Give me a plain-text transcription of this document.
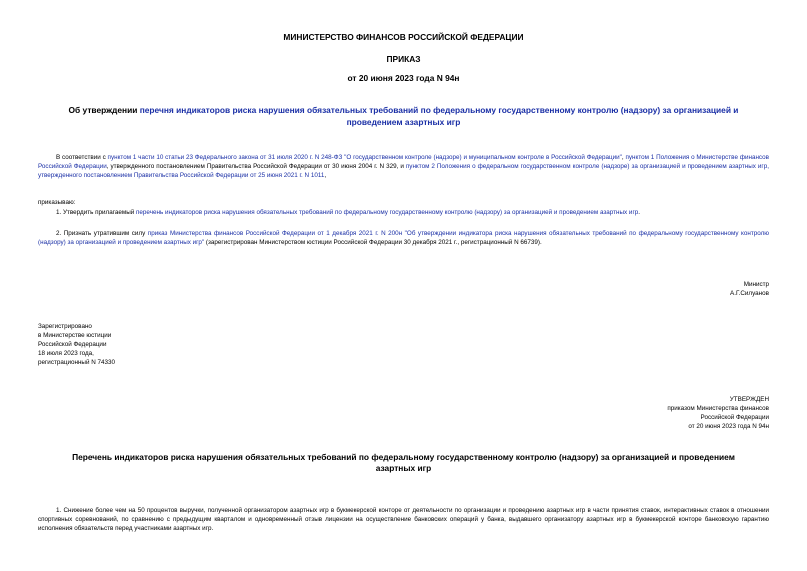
МИНИСТЕРСТВО ФИНАНСОВ РОССИЙСКОЙ ФЕДЕРАЦИИ
ПРИКАЗ
от 20 июня 2023 года N 94н
Об утверждении перечня индикаторов риска нарушения обязательных требований по федеральному государственному контролю (надзору) за организацией и проведением азартных игр
В соответствии с пунктом 1 части 10 статьи 23 Федерального закона от 31 июля 2020 г. N 248-ФЗ "О государственном контроле (надзоре) и муниципальном контроле в Российской Федерации", пунктом 1 Положения о Министерстве финансов Российской Федерации, утвержденного постановлением Правительства Российской Федерации от 30 июня 2004 г. N 329, и пунктом 2 Положения о федеральном государственном контроле (надзоре) за организацией и проведением азартных игр, утвержденного постановлением Правительства Российской Федерации от 25 июня 2021 г. N 1011,
приказываю:
1. Утвердить прилагаемый перечень индикаторов риска нарушения обязательных требований по федеральному государственному контролю (надзору) за организацией и проведением азартных игр.
2. Признать утратившим силу приказ Министерства финансов Российской Федерации от 1 декабря 2021 г. N 200н "Об утверждении индикатора риска нарушения обязательных требований по федеральному государственному контролю (надзору) за организацией и проведением азартных игр" (зарегистрирован Министерством юстиции Российской Федерации 30 декабря 2021 г., регистрационный N 66739).
Министр
А.Г.Силуанов
Зарегистрировано
в Министерстве юстиции
Российской Федерации
18 июля 2023 года,
регистрационный N 74330
УТВЕРЖДЕН
приказом Министерства финансов
Российской Федерации
от 20 июня 2023 года N 94н
Перечень индикаторов риска нарушения обязательных требований по федеральному государственному контролю (надзору) за организацией и проведением азартных игр
1. Снижение более чем на 50 процентов выручки, полученной организатором азартных игр в букмекерской конторе от деятельности по организации и проведению азартных игр в части принятия ставок, интерактивных ставок в отношении спортивных соревнований, по сравнению с предыдущим кварталом и одновременный отзыв лицензии на осуществление банковских операций у банка, выдавшего организатору азартных игр в букмекерской конторе банковскую гарантию исполнения обязательств перед участниками азартных игр.
